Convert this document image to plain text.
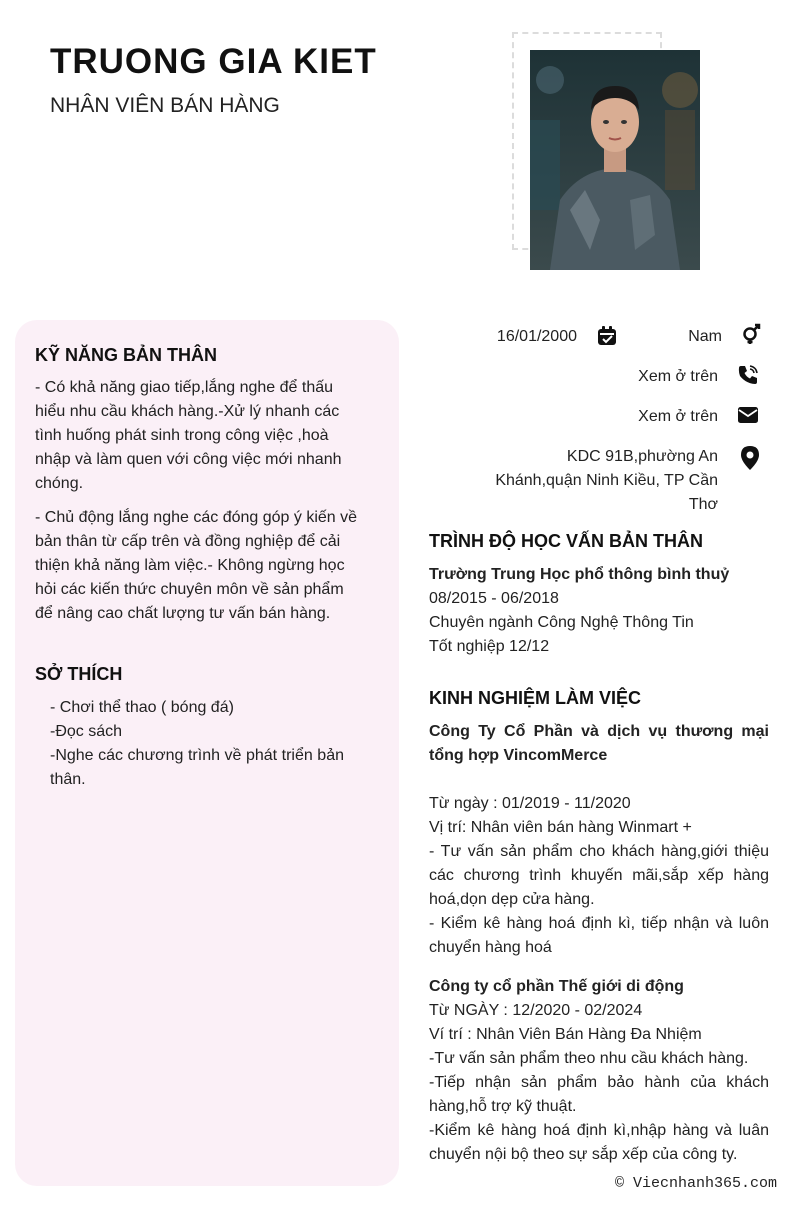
TRUONG GIA KIET
NHÂN VIÊN BÁN HÀNG
KỸ NĂNG BẢN THÂN

- Có khả năng giao tiếp,lắng nghe để thấu hiểu nhu cầu khách hàng.-Xử lý nhanh các tình huống phát sinh trong công việc ,hoà nhập và làm quen với công việc mới nhanh chóng.

- Chủ động lắng nghe các đóng góp ý kiến về bản thân từ cấp trên và đồng nghiệp để cải thiện khả năng làm việc.- Không ngừng học hỏi các kiến thức chuyên môn về sản phẩm để nâng cao chất lượng tư vấn bán hàng.

SỞ THÍCH

- Chơi thể thao ( bóng đá)

-Đọc sách

-Nghe các chương trình về phát triển bản thân.

16/01/2000	Nam
Xem ở trên
Xem ở trên
KDC 91B,phường An
Khánh,quận Ninh Kiều, TP Cần
Thơ
TRÌNH ĐỘ HỌC VẤN BẢN THÂN
Trường Trung Học phổ thông bình thuỷ
08/2015 - 06/2018
Chuyên ngành Công Nghệ Thông Tin
Tốt nghiệp 12/12
KINH NGHIỆM LÀM VIỆC
Công Ty Cổ Phần và dịch vụ thương mại tổng hợp VincomMerce
Từ ngày : 01/2019 - 11/2020
Vị trí: Nhân viên bán hàng Winmart +
- Tư vấn sản phẩm cho khách hàng,giới thiệu các chương trình khuyến mãi,sắp xếp hàng hoá,dọn dẹp cửa hàng.
- Kiểm kê hàng hoá định kì, tiếp nhận và luôn chuyển hàng hoá
Công ty cổ phần Thế giới di động
Từ NGÀY : 12/2020 - 02/2024
Ví trí : Nhân Viên Bán Hàng Đa Nhiệm
-Tư vấn sản phẩm theo nhu cầu khách hàng.
-Tiếp nhận sản phẩm bảo hành của khách hàng,hỗ trợ kỹ thuật.
-Kiểm kê hàng hoá định kì,nhập hàng và luân chuyển nội bộ theo sự sắp xếp của công ty.
© Viecnhanh365.com
